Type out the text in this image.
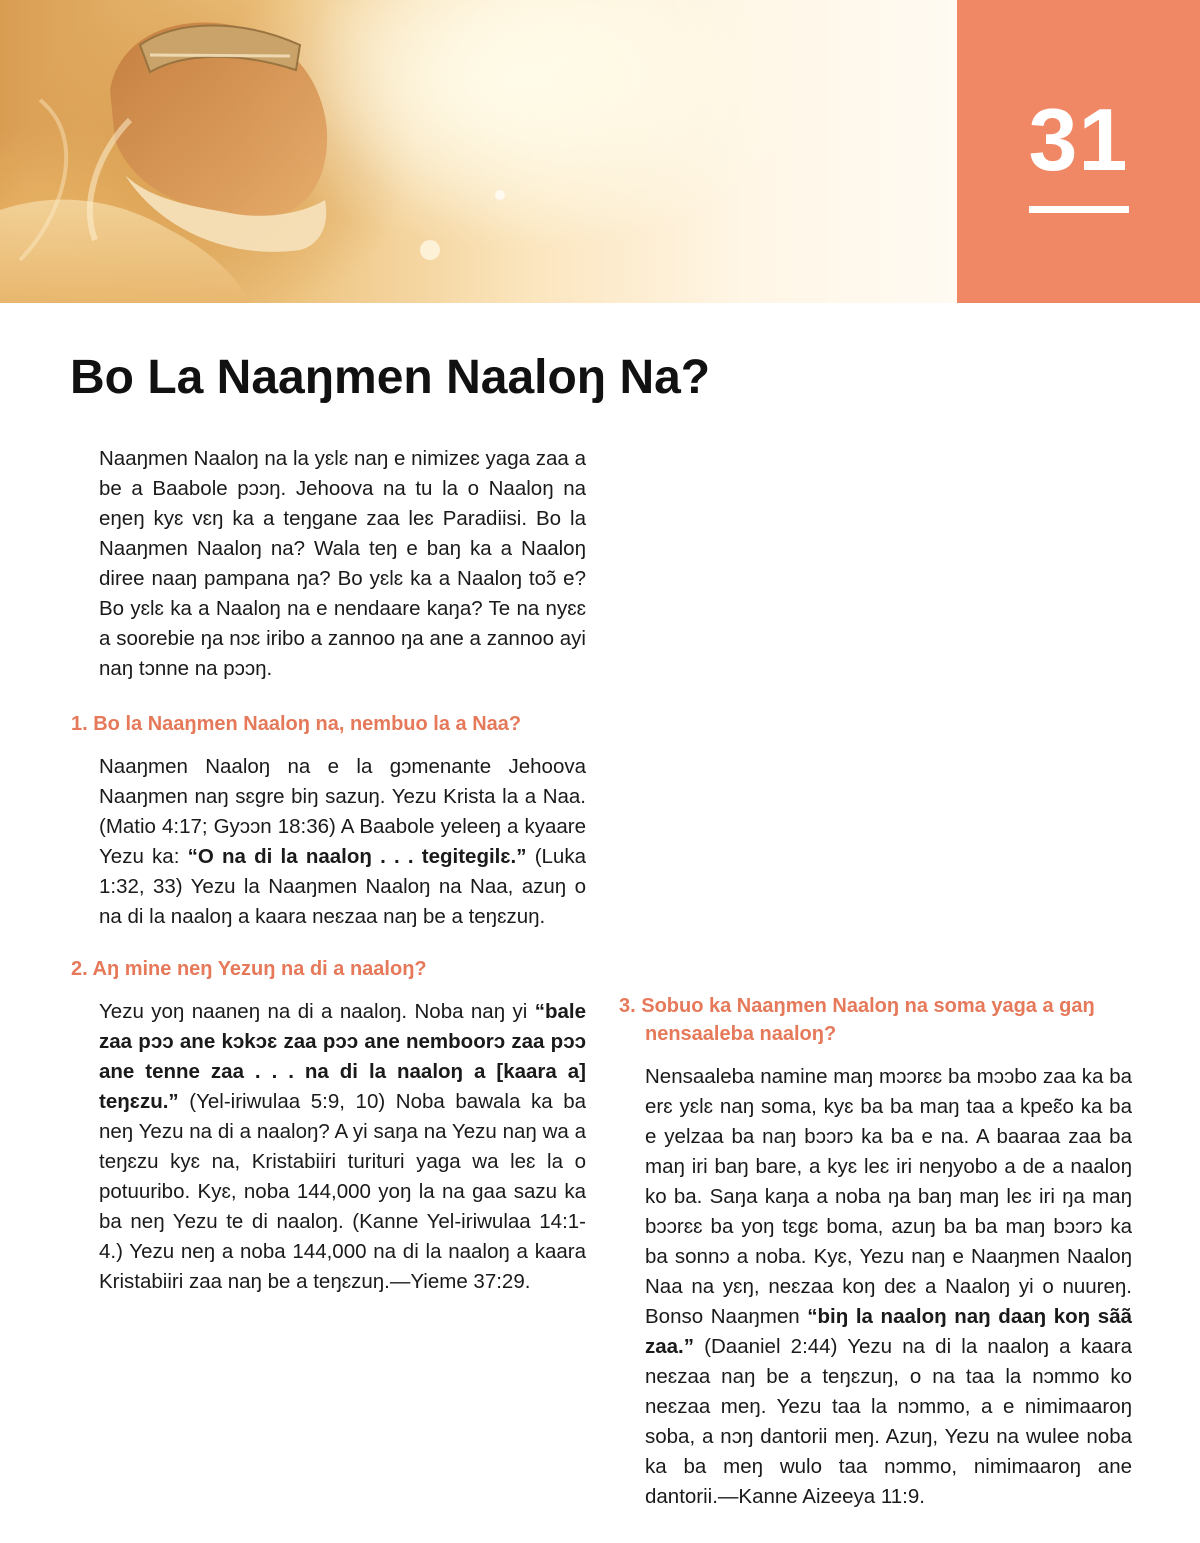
31
Bo La Naaŋmen Naaloŋ Na?

Naaŋmen Naaloŋ na la yɛlɛ naŋ e nimizeɛ yaga zaa a be a Baabole pɔɔŋ. Jehoova na tu la o Naaloŋ na eŋeŋ kyɛ vɛŋ ka a teŋgane zaa leɛ Paradiisi. Bo la Naaŋmen Naaloŋ na? Wala teŋ e baŋ ka a Naaloŋ diree naaŋ pampana ŋa? Bo yɛlɛ ka a Naaloŋ toɔ̃ e? Bo yɛlɛ ka a Naaloŋ na e nendaare kaŋa? Te na nyɛɛ a soorebie ŋa nɔɛ iribo a zannoo ŋa ane a zannoo ayi naŋ tɔnne na pɔɔŋ.

1. Bo la Naaŋmen Naaloŋ na, nembuo la a Naa?

Naaŋmen Naaloŋ na e la gɔmenante Jehoova Naaŋmen naŋ sɛgre biŋ sazuŋ. Yezu Krista la a Naa. (Matio 4:17; Gyɔɔn 18:36) A Baabole yeleeŋ a kyaare Yezu ka: “O na di la naaloŋ . . . tegitegilɛ.” (Luka 1:32, 33) Yezu la Naaŋmen Naaloŋ na Naa, azuŋ o na di la naaloŋ a kaara neɛzaa naŋ be a teŋɛzuŋ.

2. Aŋ mine neŋ Yezuŋ na di a naaloŋ?

Yezu yoŋ naaneŋ na di a naaloŋ. Noba naŋ yi “bale zaa pɔɔ ane kɔkɔɛ zaa pɔɔ ane nemboorɔ zaa pɔɔ ane tenne zaa . . . na di la naaloŋ a [kaara a] teŋɛzu.” (Yel-iriwulaa 5:9, 10) Noba bawala ka ba neŋ Yezu na di a naaloŋ? A yi saŋa na Yezu naŋ wa a teŋɛzu kyɛ na, Kristabiiri turituri yaga wa leɛ la o potuuribo. Kyɛ, noba 144,000 yoŋ la na gaa sazu ka ba neŋ Yezu te di naaloŋ. (Kanne Yel-iriwulaa 14:1-4.) Yezu neŋ a noba 144,000 na di la naaloŋ a kaara Kristabiiri zaa naŋ be a teŋɛzuŋ.—Yieme 37:29.

3. Sobuo ka Naaŋmen Naaloŋ na soma yaga a gaŋ nensaaleba naaloŋ?

Nensaaleba namine maŋ mɔɔrɛɛ ba mɔɔbo zaa ka ba erɛ yɛlɛ naŋ soma, kyɛ ba ba maŋ taa a kpeɛ̃o ka ba e yelzaa ba naŋ bɔɔrɔ ka ba e na. A baaraa zaa ba maŋ iri baŋ bare, a kyɛ leɛ iri neŋyobo a de a naaloŋ ko ba. Saŋa kaŋa a noba ŋa baŋ maŋ leɛ iri ŋa maŋ bɔɔrɛɛ ba yoŋ tɛgɛ boma, azuŋ ba ba maŋ bɔɔrɔ ka ba sonnɔ a noba. Kyɛ, Yezu naŋ e Naaŋmen Naaloŋ Naa na yɛŋ, neɛzaa koŋ deɛ a Naaloŋ yi o nuureŋ. Bonso Naaŋmen “biŋ la naaloŋ naŋ daaŋ koŋ sãã zaa.” (Daaniel 2:44) Yezu na di la naaloŋ a kaara neɛzaa naŋ be a teŋɛzuŋ, o na taa la nɔmmo ko neɛzaa meŋ. Yezu taa la nɔmmo, a e nimimaaroŋ soba, a nɔŋ dantorii meŋ. Azuŋ, Yezu na wulee noba ka ba meŋ wulo taa nɔmmo, nimimaaroŋ ane dantorii.—Kanne Aizeeya 11:9.
